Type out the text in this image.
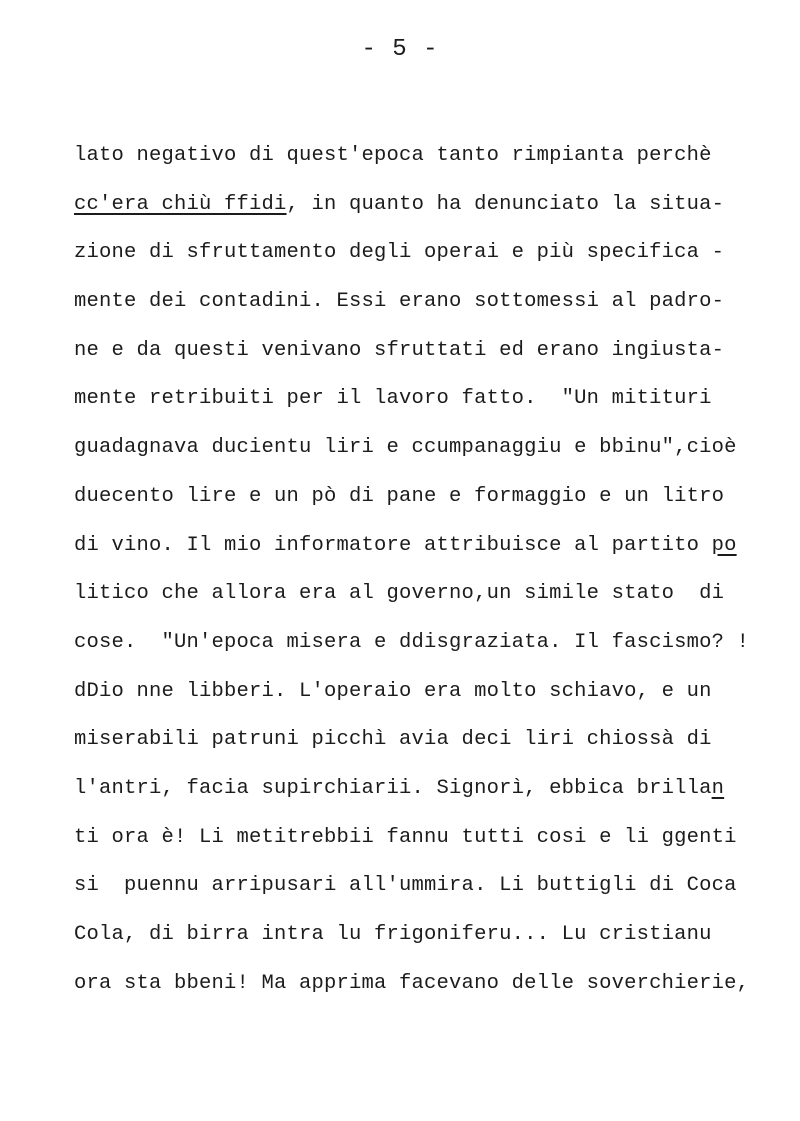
- 5 -
lato negativo di quest'epoca tanto rimpianta perchè
cc'era chiù ffidi, in quanto ha denunciato la situa-
zione di sfruttamento degli operai e più specifica -
mente dei contadini. Essi erano sottomessi al padro-
ne e da questi venivano sfruttati ed erano ingiusta-
mente retribuiti per il lavoro fatto.  "Un mitituri
guadagnava ducientu liri e ccumpanaggiu e bbinu",cioè
duecento lire e un pò di pane e formaggio e un litro
di vino. Il mio informatore attribuisce al partito po
litico che allora era al governo,un simile stato  di
cose.  "Un'epoca misera e ddisgraziata. Il fascismo? !
dDio nne libberi. L'operaio era molto schiavo, e un
miserabili patruni picchì avia deci liri chiossà di
l'antri, facia supirchiarii. Signorì, ebbica brillan
ti ora è! Li metitrebbii fannu tutti cosi e li ggenti
si  puennu arripusari all'ummira. Li buttigli di Coca
Cola, di birra intra lu frigoniferu... Lu cristianu
ora sta bbeni! Ma apprima facevano delle soverchierie,
